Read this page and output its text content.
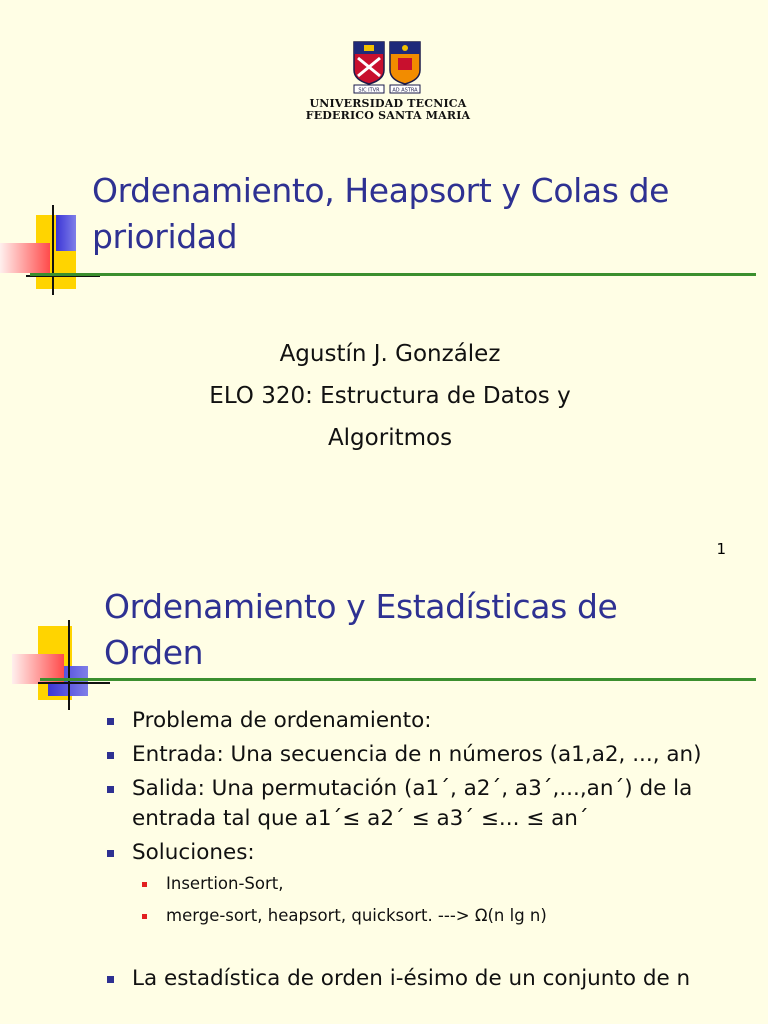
SIC ITVR	AD ASTRA
UNIVERSIDAD TECNICA
FEDERICO SANTA MARIA
Ordenamiento, Heapsort y Colas de
prioridad
Agustín J. González
ELO 320: Estructura de Datos y
Algoritmos
1
Ordenamiento y Estadísticas de
Orden
Problema de ordenamiento:
Entrada: Una secuencia de n números (a1,a2, ..., an)
Salida: Una permutación (a1´, a2´, a3´,...,an´) de la entrada tal que a1´≤ a2´ ≤ a3´ ≤... ≤ an´
Soluciones:
Insertion-Sort,
merge-sort, heapsort, quicksort. ---> Ω(n lg n)
La estadística de orden i-ésimo de un conjunto de n
